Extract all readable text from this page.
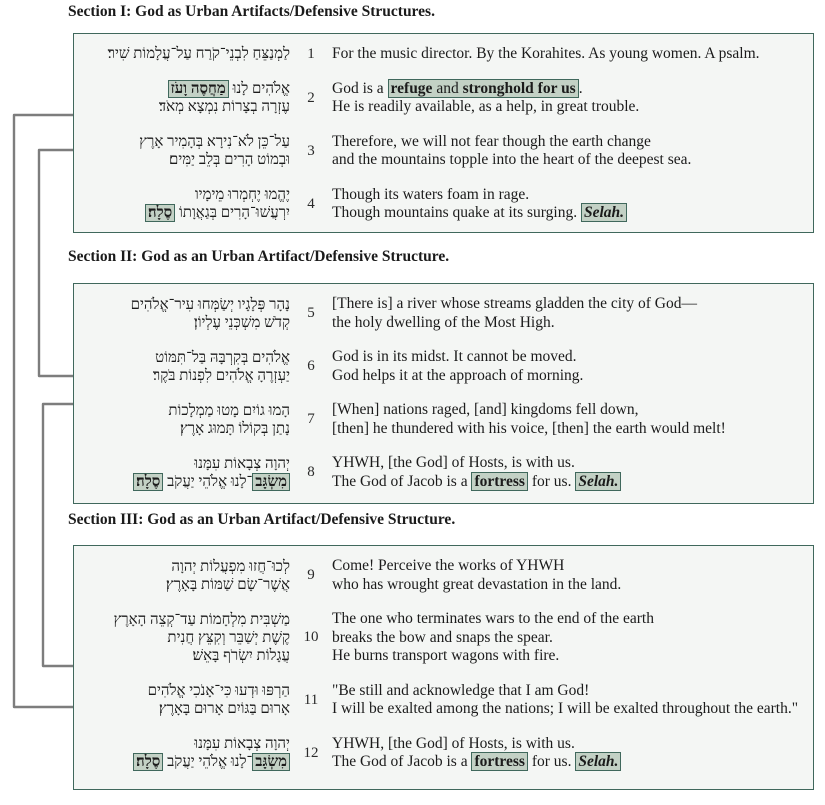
Section I: God as Urban Artifacts/Defensive Structures.
לַמְנַצֵּחַ לִבְנֵי־קֹרַח עַל־עֲלָמוֹת שִׁיר׃	1	For the music director. By the Korahites. As young women. A psalm.
אֱלֹהִים לָנוּ מַחֲסֶה וָעֹז
עֶזְרָה בְצָרוֹת נִמְצָא מְאֹד׃
2
God is a refuge and stronghold for us .
He is readily available, as a help, in great trouble.
עַל־כֵּן לֹא־נִירָא בְּהָמִיר אָרֶץ
וּבְמוֹט הָרִים בְּלֵב יַמִּים׃
3
Therefore, we will not fear though the earth change
and the mountains topple into the heart of the deepest sea.
יֶהֱמוּ יֶחְמְרוּ מֵימָיו
יִרְעֲשׁוּ־הָרִים בְּגַאֲוָתוֹ סֶלָה׃
4
Though its waters foam in rage.
Though mountains quake at its surging. Selah.
Section II: God as an Urban Artifact/Defensive Structure.
נָהָר פְּלָגָיו יְשַׂמְּחוּ עִיר־אֱלֹהִים
קְדֹשׁ מִשְׁכְּנֵי עֶלְיוֹן׃
5
[There is] a river whose streams gladden the city of God—
the holy dwelling of the Most High.
אֱלֹהִים בְּקִרְבָּהּ בַּל־תִּמּוֹט
יַעְזְרֶהָ אֱלֹהִים לִפְנוֹת בֹּקֶר׃
6
God is in its midst. It cannot be moved.
God helps it at the approach of morning.
הָמוּ גוֹיִם מָטוּ מַמְלָכוֹת
נָתַן בְּקוֹלוֹ תָּמוּג אָרֶץ׃
7
[When] nations raged, [and] kingdoms fell down,
[then] he thundered with his voice, [then] the earth would melt!
יְהוָה צְבָאוֹת עִמָּנוּ
מִשְׂגָּב־לָנוּ אֱלֹהֵי יַעֲקֹב סֶלָה׃
8
YHWH, [the God] of Hosts, is with us.
The God of Jacob is a fortress for us. Selah.
Section III: God as an Urban Artifact/Defensive Structure.
לְכוּ־חֲזוּ מִפְעֲלוֹת יְהוָה
אֲשֶׁר־שָׂם שַׁמּוֹת בָּאָרֶץ׃
9
Come! Perceive the works of YHWH
who has wrought great devastation in the land.
מַשְׁבִּית מִלְחָמוֹת עַד־קְצֵה הָאָרֶץ
קֶשֶׁת יְשַׁבֵּר וְקִצֵּץ חֲנִית
עֲגָלוֹת יִשְׂרֹף בָּאֵשׁ׃
10
The one who terminates wars to the end of the earth
breaks the bow and snaps the spear.
He burns transport wagons with fire.
הַרְפּוּ וּדְעוּ כִּי־אָנֹכִי אֱלֹהִים
אָרוּם בַּגּוֹיִם אָרוּם בָּאָרֶץ׃
11
"Be still and acknowledge that I am God!
I will be exalted among the nations; I will be exalted throughout the earth."
יְהוָה צְבָאוֹת עִמָּנוּ
מִשְׂגָּב־לָנוּ אֱלֹהֵי יַעֲקֹב סֶלָה׃
12
YHWH, [the God] of Hosts, is with us.
The God of Jacob is a fortress for us. Selah.
